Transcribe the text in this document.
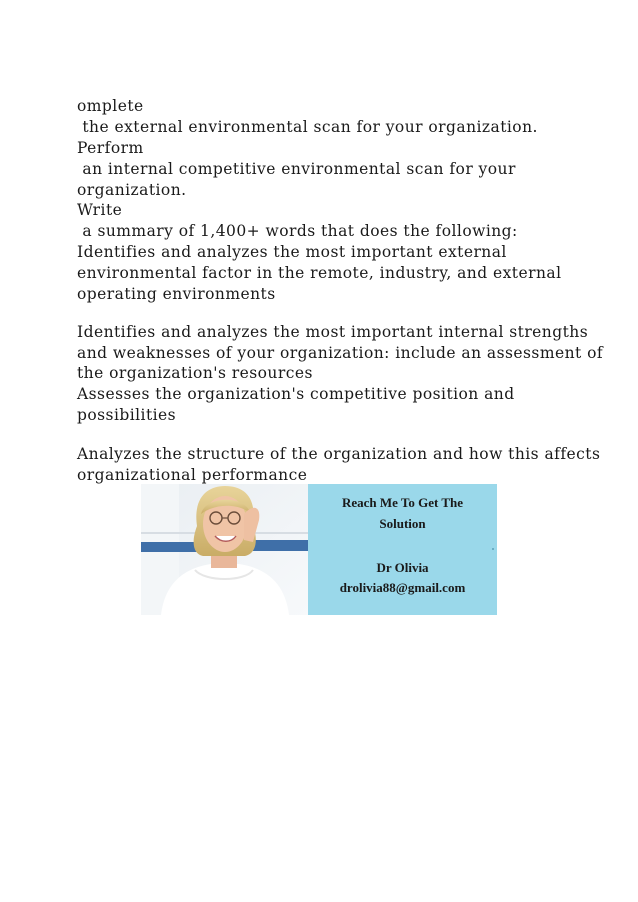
omplete
the external environmental scan for your organization.
Perform
an internal competitive environmental scan for your
organization.
Write
a summary of 1,400+ words that does the following:
Identifies and analyzes the most important external
environmental factor in the remote, industry, and external
operating environments
Identifies and analyzes the most important internal strengths
and weaknesses of your organization: include an assessment of
the organization's resources
Assesses the organization's competitive position and
possibilities
Analyzes the structure of the organization and how this affects
organizational performance
Reach Me To Get The
Solution
Dr Olivia
drolivia88@gmail.com
